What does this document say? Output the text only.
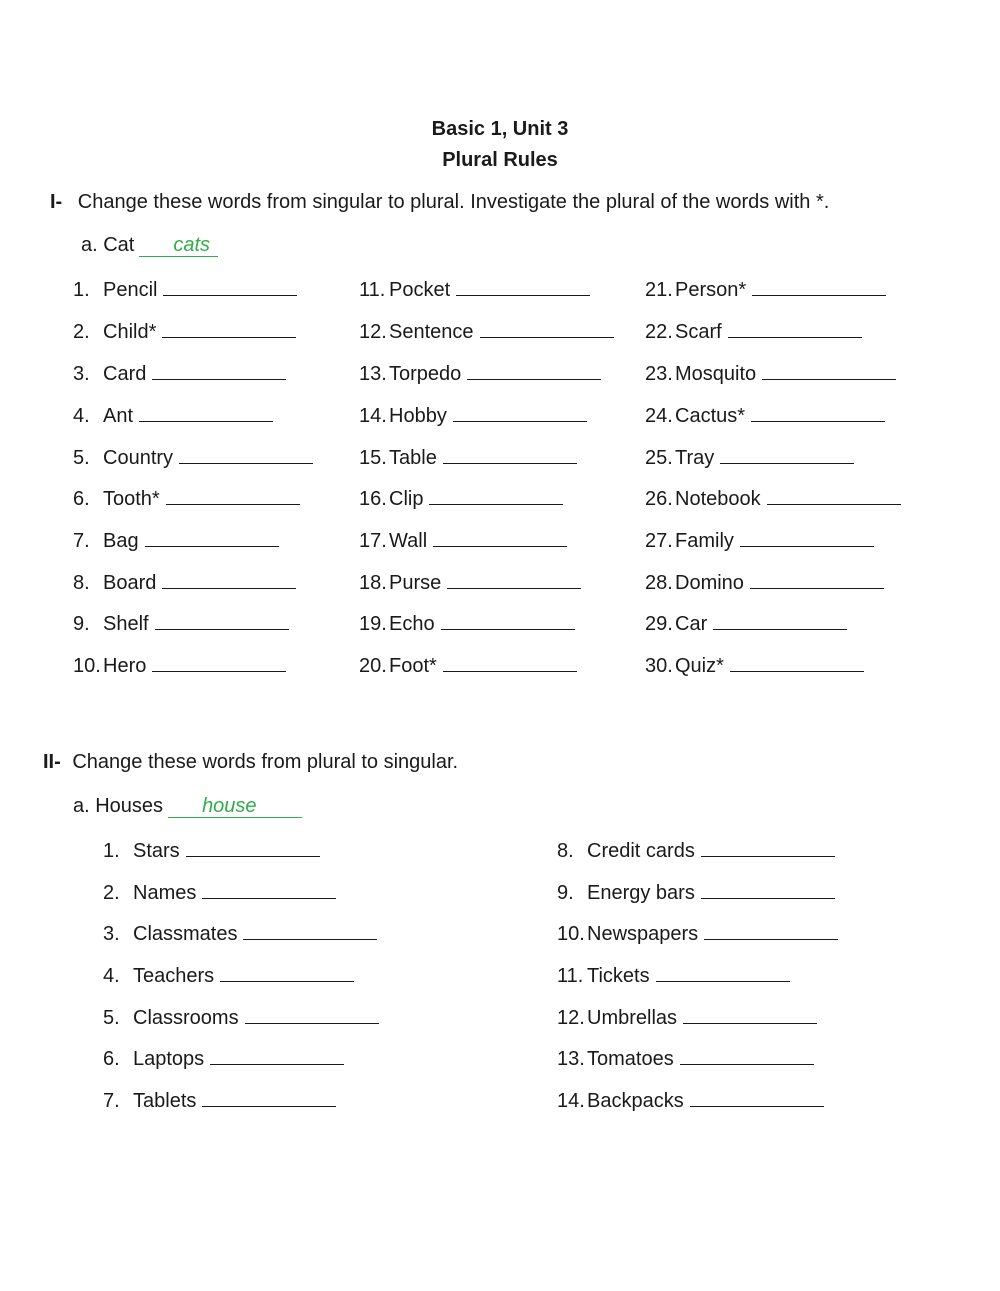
Basic 1, Unit 3
Plural Rules
I- Change these words from singular to plural. Investigate the plural of the words with *.
a. Cat cats
1. Pencil
2. Child*
3. Card
4. Ant
5. Country
6. Tooth*
7. Bag
8. Board
9. Shelf
10. Hero
11. Pocket
12. Sentence
13. Torpedo
14. Hobby
15. Table
16. Clip
17. Wall
18. Purse
19. Echo
20. Foot*
21. Person*
22. Scarf
23. Mosquito
24. Cactus*
25. Tray
26. Notebook
27. Family
28. Domino
29. Car
30. Quiz*
II- Change these words from plural to singular.
a. Houses house
1. Stars
2. Names
3. Classmates
4. Teachers
5. Classrooms
6. Laptops
7. Tablets
8. Credit cards
9. Energy bars
10. Newspapers
11. Tickets
12. Umbrellas
13. Tomatoes
14. Backpacks
